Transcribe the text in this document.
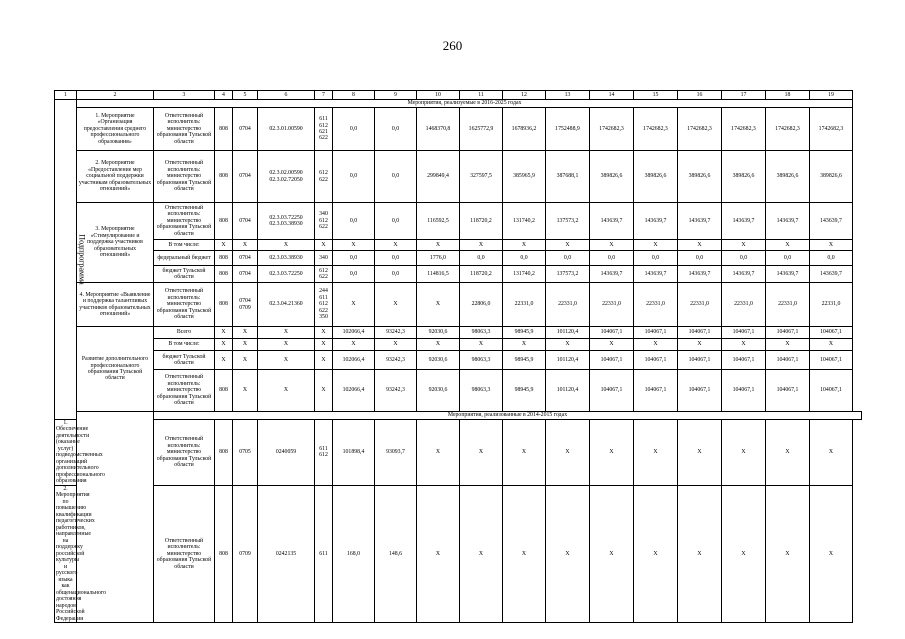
260
1	2	3	4	5	6	7	8	9	10	11	12	13	14	15	16	17	18	19
Подпрограмма	Мероприятия, реализуемые в 2016-2025 годах																	
	1. Мероприятие «Организация предоставления среднего профессионального образования»	Ответственный исполнитель: министерство образования Тульской области	808	0704	02.3.01.00590	611 612 621 622	0,0	0,0	1468370,8	1625772,9	1678936,2	1752488,9	1742682,3	1742682,3	1742682,3	1742682,3	1742682,3	1742682,3
	2. Мероприятие «Предоставление мер социальной поддержки участникам образовательных отношений»	Ответственный исполнитель: министерство образования Тульской области	808	0704	02.3.02.00590 02.3.02.72050	612 622	0,0	0,0	299849,4	327597,5	385965,9	387688,1	389826,6	389826,6	389826,6	389826,6	389826,6	389826,6
	3. Мероприятие «Стимулирование и поддержка участников образовательных отношений»	Ответственный исполнитель: министерство образования Тульской области	808	0704	02.3.03.72250 02.3.03.38930	340 612 622	0,0	0,0	116592,5	118720,2	131740,2	137573,2	143639,7	143639,7	143639,7	143639,7	143639,7	143639,7
		В том числе:	X	X	X	X	X	X	X	X	X	X	X	X	X	X	X	X
		федеральный бюджет	808	0704	02.3.03.38930	340	0,0	0,0	1776,0	0,0	0,0	0,0	0,0	0,0	0,0	0,0	0,0	0,0
		бюджет Тульской области	808	0704	02.3.03.72250	612 622	0,0	0,0	114816,5	118720,2	131740,2	137573,2	143639,7	143639,7	143639,7	143639,7	143639,7	143639,7
	4. Мероприятие «Выявление и поддержка талантливых участников образовательных отношений»	Ответственный исполнитель: министерство образования Тульской области	808	0704 0709	02.3.04.21360	244 611 612 622 350	X	X	X	22806,0	22331,0	22331,0	22331,0	22331,0	22331,0	22331,0	22331,0	22331,0
	Развитие дополнительного профессионального образования Тульской области	Всего	X	X	X	X	102066,4	93242,3	92030,6	98063,3	98945,9	101120,4	104067,1	104067,1	104067,1	104067,1	104067,1	104067,1
		В том числе:	X	X	X	X	X	X	X	X	X	X	X	X	X	X	X	X
		бюджет Тульской области	X	X	X	X	102066,4	93242,3	92030,6	98063,3	98945,9	101120,4	104067,1	104067,1	104067,1	104067,1	104067,1	104067,1
		Ответственный исполнитель: министерство образования Тульской области	808	X	X	X	102066,4	93242,3	92030,6	98063,3	98945,9	101120,4	104067,1	104067,1	104067,1	104067,1	104067,1	104067,1
		Мероприятия, реализованные в 2014-2015 годах																
1. Обеспечение деятельности (оказание услуг) подведомственных организаций дополнительного профессионального образования		Ответственный исполнитель: министерство образования Тульской области	808	0705	0240059	611 612	101898,4	93093,7	X	X	X	X	X	X	X	X	X	X
2. Мероприятия по повышению квалификации педагогических работников, направленные на поддержку российской культуры и русского языка как общенационального достояния народов Российской Федерации		Ответственный исполнитель: министерство образования Тульской области	808	0709	0242135	611	168,0	148,6	X	X	X	X	X	X	X	X	X	X
